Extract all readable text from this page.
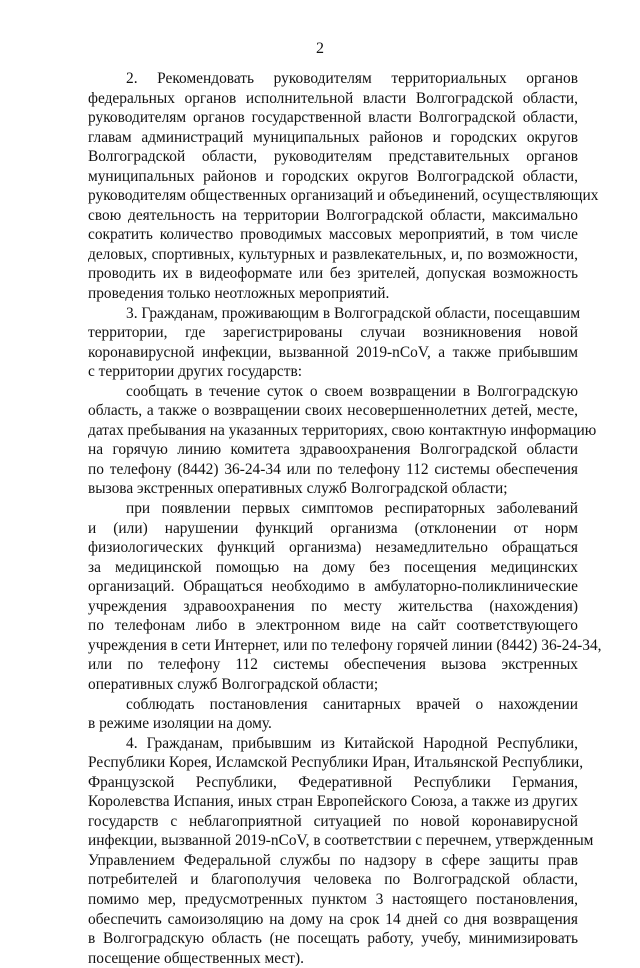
2
2. Рекомендовать руководителям территориальных органов
федеральных органов исполнительной власти Волгоградской области,
руководителям органов государственной власти Волгоградской области,
главам администраций муниципальных районов и городских округов
Волгоградской области, руководителям представительных органов
муниципальных районов и городских округов Волгоградской области,
руководителям общественных организаций и объединений, осуществляющих
свою деятельность на территории Волгоградской области, максимально
сократить количество проводимых массовых мероприятий, в том числе
деловых, спортивных, культурных и развлекательных, и, по возможности,
проводить их в видеоформате или без зрителей, допуская возможность
проведения только неотложных мероприятий.
3. Гражданам, проживающим в Волгоградской области, посещавшим
территории, где зарегистрированы случаи возникновения новой
коронавирусной инфекции, вызванной 2019-nCoV, а также прибывшим
с территории других государств:
сообщать в течение суток о своем возвращении в Волгоградскую
область, а также о возвращении своих несовершеннолетних детей, месте,
датах пребывания на указанных территориях, свою контактную информацию
на горячую линию комитета здравоохранения Волгоградской области
по телефону (8442) 36-24-34 или по телефону 112 системы обеспечения
вызова экстренных оперативных служб Волгоградской области;
при появлении первых симптомов респираторных заболеваний
и (или) нарушении функций организма (отклонении от норм
физиологических функций организма) незамедлительно обращаться
за медицинской помощью на дому без посещения медицинских
организаций. Обращаться необходимо в амбулаторно-поликлинические
учреждения здравоохранения по месту жительства (нахождения)
по телефонам либо в электронном виде на сайт соответствующего
учреждения в сети Интернет, или по телефону горячей линии (8442) 36-24-34,
или по телефону 112 системы обеспечения вызова экстренных
оперативных служб Волгоградской области;
соблюдать постановления санитарных врачей о нахождении
в режиме изоляции на дому.
4. Гражданам, прибывшим из Китайской Народной Республики,
Республики Корея, Исламской Республики Иран, Итальянской Республики,
Французской Республики, Федеративной Республики Германия,
Королевства Испания, иных стран Европейского Союза, а также из других
государств с неблагоприятной ситуацией по новой коронавирусной
инфекции, вызванной 2019-nCoV, в соответствии с перечнем, утвержденным
Управлением Федеральной службы по надзору в сфере защиты прав
потребителей и благополучия человека по Волгоградской области,
помимо мер, предусмотренных пунктом 3 настоящего постановления,
обеспечить самоизоляцию на дому на срок 14 дней со дня возвращения
в Волгоградскую область (не посещать работу, учебу, минимизировать
посещение общественных мест).
